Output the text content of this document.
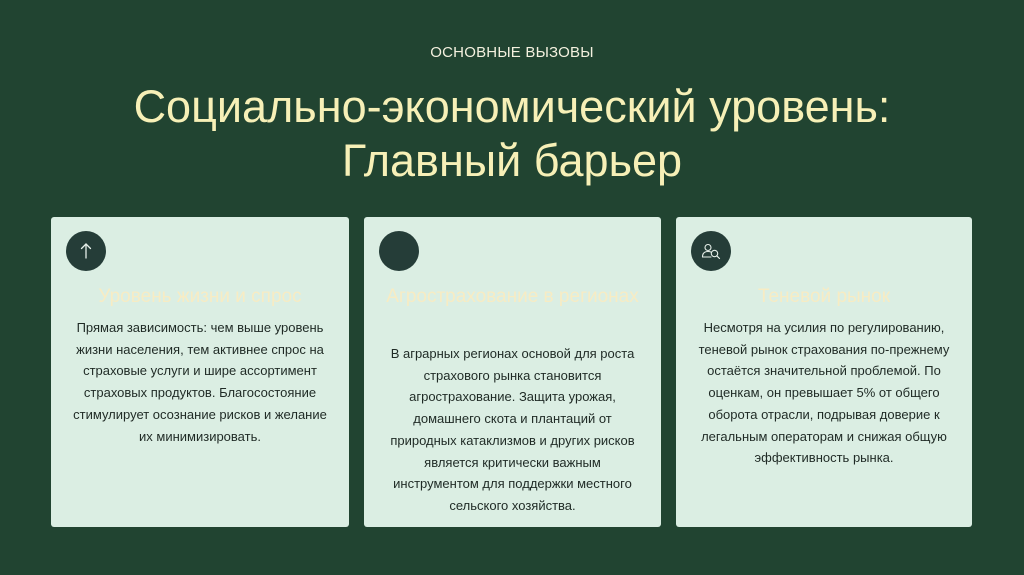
ОСНОВНЫЕ ВЫЗОВЫ
Социально-экономический уровень:
Главный барьер
Уровень жизни и спрос
Прямая зависимость: чем выше уровень жизни населения, тем активнее спрос на страховые услуги и шире ассортимент страховых продуктов. Благосостояние стимулирует осознание рисков и желание их минимизировать.
Агрострахование в регионах
В аграрных регионах основой для роста страхового рынка становится агрострахование. Защита урожая, домашнего скота и плантаций от природных катаклизмов и других рисков является критически важным инструментом для поддержки местного сельского хозяйства.
Теневой рынок
Несмотря на усилия по регулированию, теневой рынок страхования по-прежнему остаётся значительной проблемой. По оценкам, он превышает 5% от общего оборота отрасли, подрывая доверие к легальным операторам и снижая общую эффективность рынка.
